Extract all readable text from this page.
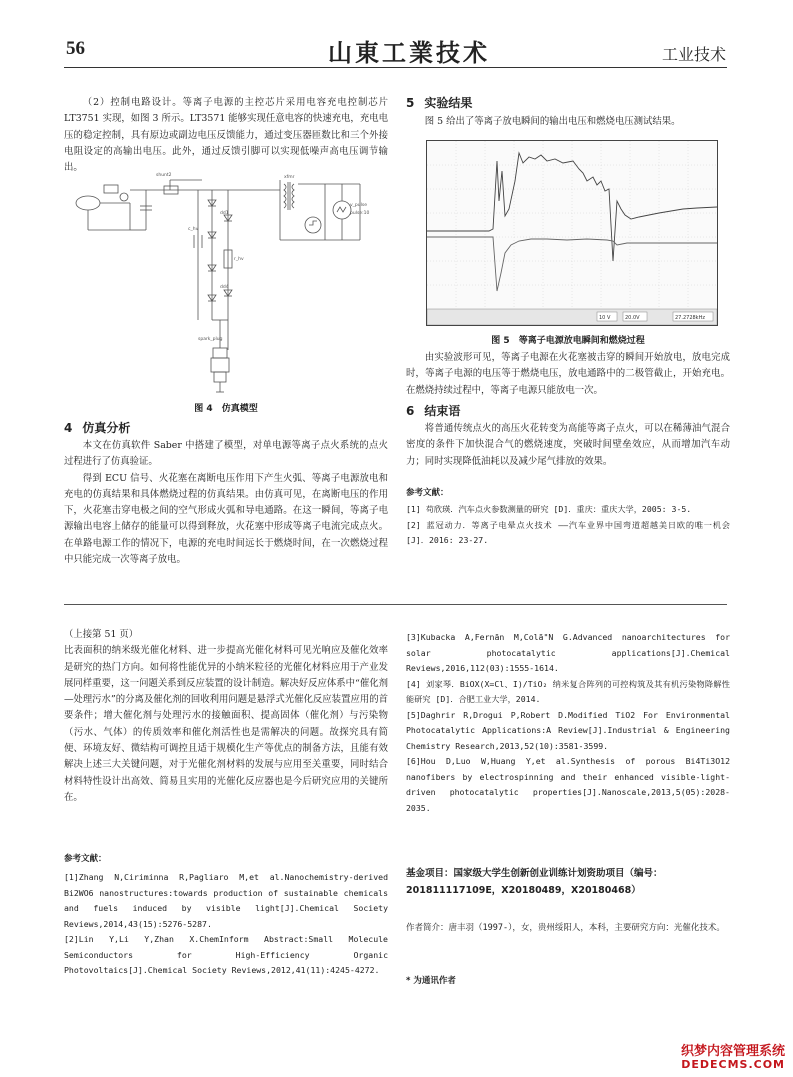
56	山東工業技术	工业技术

（2）控制电路设计。等离子电源的主控芯片采用电容充电控制芯片 LT3751 实现，如图 3 所示。LT3571 能够实现任意电容的快速充电，充电电压的稳定控制，具有原边或副边电压反馈能力，通过变压器匝数比和三个外接电阻设定的高输出电压。此外，通过反馈引脚可以实现低噪声高电压调节输出。

shunt2
c_hv
dd1
dd4
r_hv
spark_plug
xfmr
v_pulse
pulse:10
图 4　仿真模型
4 仿真分析

本文在仿真软件 Saber 中搭建了模型，对单电源等离子点火系统的点火过程进行了仿真验证。

得到 ECU 信号、火花塞在离断电压作用下产生火弧、等离子电源放电和充电的仿真结果和具体燃烧过程的仿真结果。由仿真可见，在离断电压的作用下，火花塞击穿电极之间的空气形成火弧和导电通路。在这一瞬间，等离子电源输出电容上储存的能量可以得到释放，火花塞中形成等离子电流完成点火。在单路电源工作的情况下，电源的充电时间远长于燃烧时间，在一次燃烧过程中只能完成一次等离子放电。

5 实验结果

图 5 给出了等离子放电瞬间的输出电压和燃烧电压测试结果。

10 V	20.0V	27.2728kHz
图 5　等离子电源放电瞬间和燃烧过程

由实验波形可见，等离子电源在火花塞被击穿的瞬间开始放电，放电完成时，等离子电源的电压等于燃烧电压，放电通路中的二极管截止，开始充电。在燃烧持续过程中，等离子电源只能放电一次。

6 结束语

将普通传统点火的高压火花转变为高能等离子点火，可以在稀薄油气混合密度的条件下加快混合气的燃烧速度，突破时间壁垒效应，从而增加汽车动力；同时实现降低油耗以及减少尾气排放的效果。

参考文献：
[1] 苟欣瑛．汽车点火参数测量的研究 [D]．重庆：重庆大学，2005: 3-5.
[2] 蓝冠动力．等离子电晕点火技术 ——汽车业界中国弯道超越美日欧的唯一机会 [J]．2016: 23-27.
（上接第 51 页）
比表面积的纳米级光催化材料、进一步提高光催化材料可见光响应及催化效率是研究的热门方向。如何将性能优异的小纳米粒径的光催化材料应用于产业发展同样重要，这一问题关系到反应装置的设计制造。解决好反应体系中“催化剂—处理污水”的分离及催化剂的回收利用问题是悬浮式光催化反应装置应用的首要条件；增大催化剂与处理污水的接触面积、提高固体（催化剂）与污染物（污水、气体）的传质效率和催化剂活性也是需解决的问题。故探究具有简便、环境友好、微结构可调控且适于规模化生产等优点的制备方法，且能有效解决上述三大关键问题，对于光催化剂材料的发展与应用至关重要，同时结合材料特性设计出高效、简易且实用的光催化反应器也是今后研究应用的关键所在。
参考文献：
[1]Zhang N,Ciriminna R,Pagliaro M,et al.Nanochemistry-derived Bi2WO6 nanostructures:towards production of sustainable chemicals and fuels induced by visible light[J].Chemical Society Reviews,2014,43(15):5276-5287.
[2]Lin Y,Li Y,Zhan X.ChemInform Abstract:Small Molecule Semiconductors for High-Efficiency Organic Photovoltaics[J].Chemical Society Reviews,2012,41(11):4245-4272.
[3]Kubacka A,Fernān M,Colã"N G.Advanced nanoarchitectures for solar photocatalytic applications[J].Chemical Reviews,2016,112(03):1555-1614.
[4] 刘家琴．BiOX(X=Cl、I)/TiO₂ 纳米复合阵列的可控构筑及其有机污染物降解性能研究 [D]．合肥工业大学，2014.
[5]Daghrir R,Drogui P,Robert D.Modified TiO2 For Environmental Photocatalytic Applications:A Review[J].Industrial & Engineering Chemistry Research,2013,52(10):3581-3599.
[6]Hou D,Luo W,Huang Y,et al.Synthesis of porous Bi4Ti3O12 nanofibers by electrospinning and their enhanced visible-light-driven photocatalytic properties[J].Nanoscale,2013,5(05):2028-2035.
基金项目：国家级大学生创新创业训练计划资助项目（编号：201811117109E，X20180489，X20180468）
作者简介：唐丰羽（1997-），女，贵州绥阳人，本科，主要研究方向：光催化技术。
* 为通讯作者
织梦内容管理系统
DEDECMS.COM
